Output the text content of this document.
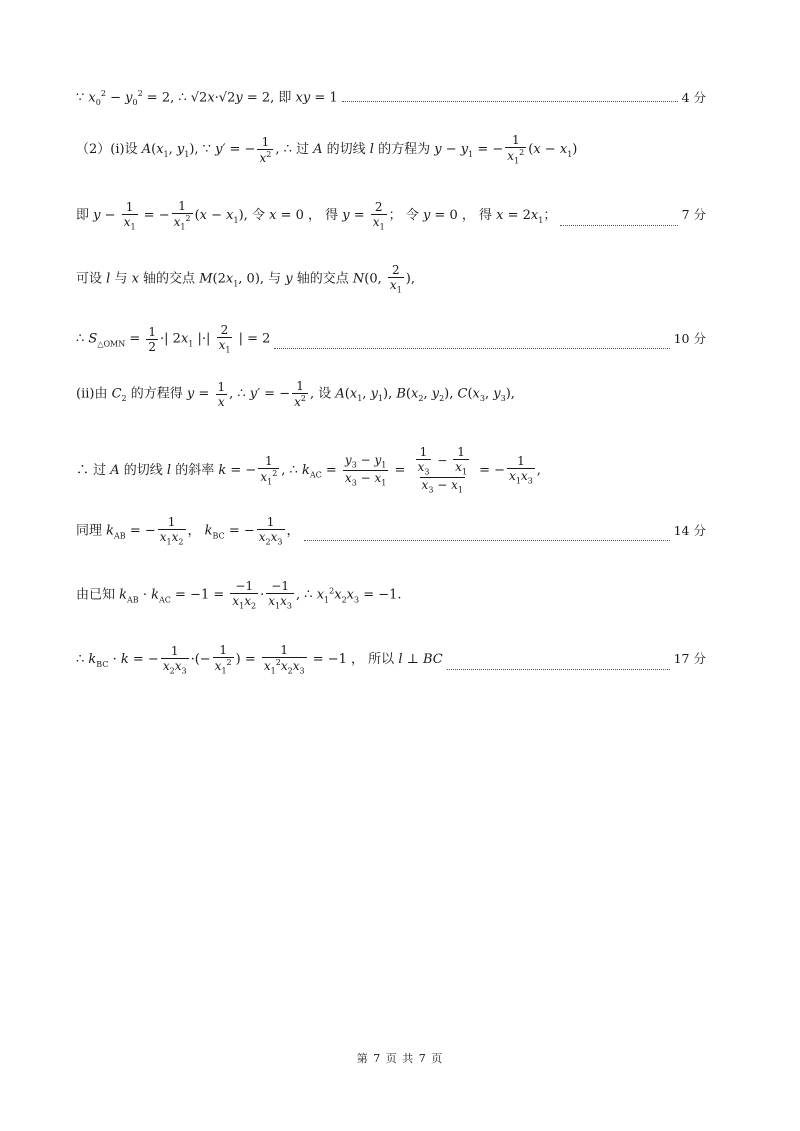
∵ $x_0^2 - y_0^2 = 2$, ∴ √2x·√2y = 2, 即 xy = 1	4 分
（2）(i)设 $A(x_1$, $y_1$), ∵ y′ = − $\frac{1}{x^2}$ , ∴ 过 A 的切线 l 的方程为 $y - y_1$ = − $\frac{1}{x_1^2} (x - x_1)$
即 $y - \frac{1}{x_1}$ = − $\frac{1}{x_1^2} (x - x_1)$, 令 x = 0 ， 得 $y = \frac{2}{x_1}$ ； 令 y = 0 ， 得 $x = 2x_1$；	7 分
可设 l 与 x 轴的交点 $M(2x_1$, 0), 与 y 轴的交点 N(0, $\frac{2}{x_1}$ ),
∴ $S_{\triangle OMN} = \frac{1}{2}$ ·| $2x_1$ |·| $\frac{2}{x_1}$ | = 2	10 分
(ii)由 $C_2$ 的方程得 $y = \frac{1}{x}$ , ∴ y′ = − $\frac{1}{x^2}$ , 设 $A(x_1$, $y_1$), $B(x_2$, $y_2$), $C(x_3$, $y_3$),
∴ 过 A 的切线 l 的斜率 k = − $\frac{1}{x_1^2}$ , ∴ $k_{AC} = \frac{y_3 - y_1}{x_3 - x_1} = \frac{\frac{1}{x_3} - \frac{1}{x_1}}{x_3 - x_1}$ = − $\frac{1}{x_1x_3}$ ,
同理 $k_{AB}$ = − $\frac{1}{x_1x_2}$ ， $k_{BC}$ = − $\frac{1}{x_2x_3}$ ，	14 分
由已知 $k_{AB} \cdot k_{AC} = -1 = \frac{-1}{x_1x_2} \cdot \frac{-1}{x_1x_3}$ , ∴ $x_1^2x_2x_3 = -1$.
∴ $k_{BC} \cdot k$ = − $\frac{1}{x_2x_3}$ ·(− $\frac{1}{x_1^2}$ ) = $\frac{1}{x_1^2x_2x_3} = -1$ ， 所以 l ⊥ BC	17 分
第 7 页 共 7 页
